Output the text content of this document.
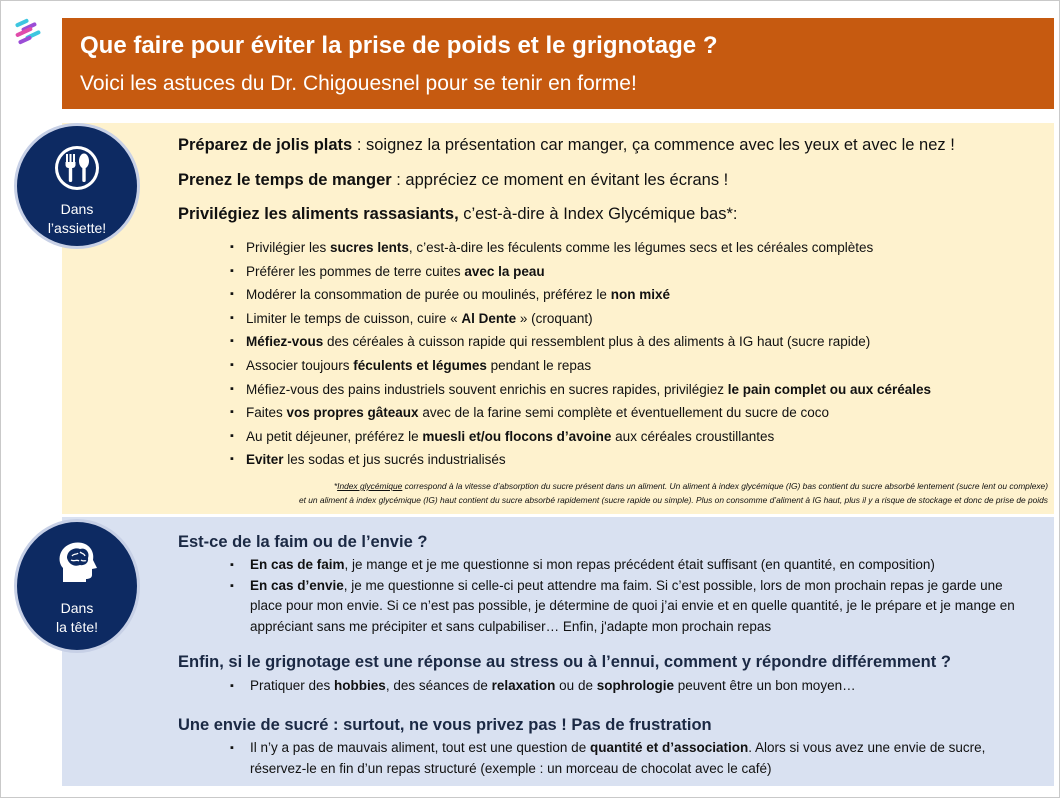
Que faire pour éviter la prise de poids et le grignotage ?
Voici les astuces du Dr. Chigouesnel pour se tenir en forme!
Dans
l’assiette!
Dans
la tête!
Préparez de jolis plats : soignez la présentation car manger, ça commence avec les yeux et avec le nez !
Prenez le temps de manger : appréciez ce moment en évitant les écrans !
Privilégiez les aliments rassasiants, c’est-à-dire à Index Glycémique bas*:
▪ Privilégier les sucres lents, c’est-à-dire les féculents comme les légumes secs et les céréales complètes
▪ Préférer les pommes de terre cuites avec la peau
▪ Modérer la consommation de purée ou moulinés, préférez le non mixé
▪ Limiter le temps de cuisson, cuire « Al Dente » (croquant)
▪ Méfiez-vous des céréales à cuisson rapide qui ressemblent plus à des aliments à IG haut (sucre rapide)
▪ Associer toujours féculents et légumes pendant le repas
▪ Méfiez-vous des pains industriels souvent enrichis en sucres rapides, privilégiez le pain complet ou aux céréales
▪ Faites vos propres gâteaux avec de la farine semi complète et éventuellement du sucre de coco
▪ Au petit déjeuner, préférez le muesli et/ou flocons d’avoine aux céréales croustillantes
▪ Eviter les sodas et jus sucrés industrialisés
*Index glycémique correspond à la vitesse d’absorption du sucre présent dans un aliment. Un aliment à index glycémique (IG) bas contient du sucre absorbé lentement (sucre lent ou complexe)
et un aliment à index glycémique (IG) haut contient du sucre absorbé rapidement (sucre rapide ou simple). Plus on consomme d’aliment à IG haut, plus il y a risque de stockage et donc de prise de poids
Est-ce de la faim ou de l’envie ?
▪ En cas de faim, je mange et je me questionne si mon repas précédent était suffisant (en quantité, en composition)
▪ En cas d’envie, je me questionne si celle-ci peut attendre ma faim. Si c’est possible, lors de mon prochain repas je garde une place pour mon envie. Si ce n’est pas possible, je détermine de quoi j’ai envie et en quelle quantité, je le prépare et je mange en appréciant sans me précipiter et sans culpabiliser… Enfin, j'adapte mon prochain repas
Enfin, si le grignotage est une réponse au stress ou à l’ennui, comment y répondre différemment ?
▪ Pratiquer des hobbies, des séances de relaxation ou de sophrologie peuvent être un bon moyen…
Une envie de sucré : surtout, ne vous privez pas ! Pas de frustration
▪ Il n’y a pas de mauvais aliment, tout est une question de quantité et d’association. Alors si vous avez une envie de sucre, réservez-le en fin d’un repas structuré (exemple : un morceau de chocolat avec le café)
